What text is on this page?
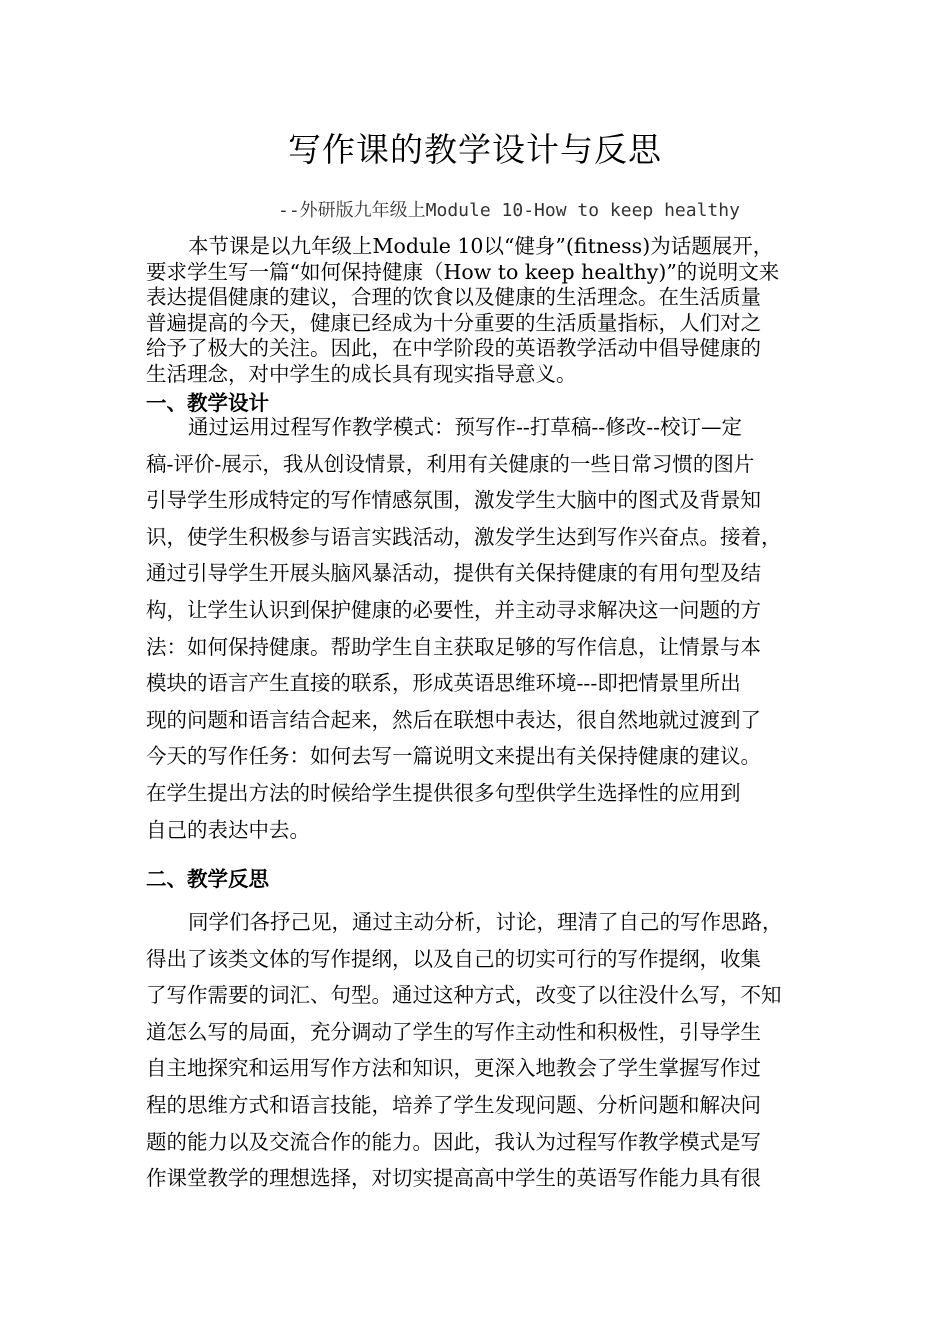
写作课的教学设计与反思
--外研版九年级上Module 10-How to keep healthy
本节课是以九年级上Module 10以“健身”(fitness)为话题展开，
要求学生写一篇“如何保持健康（How to keep healthy)”的说明文来
表达提倡健康的建议，合理的饮食以及健康的生活理念。在生活质量
普遍提高的今天，健康已经成为十分重要的生活质量指标，人们对之
给予了极大的关注。因此，在中学阶段的英语教学活动中倡导健康的
生活理念，对中学生的成长具有现实指导意义。
一、教学设计
通过运用过程写作教学模式：预写作--打草稿--修改--校订—定
稿-评价-展示，我从创设情景，利用有关健康的一些日常习惯的图片
引导学生形成特定的写作情感氛围，激发学生大脑中的图式及背景知
识，使学生积极参与语言实践活动，激发学生达到写作兴奋点。接着，
通过引导学生开展头脑风暴活动，提供有关保持健康的有用句型及结
构，让学生认识到保护健康的必要性，并主动寻求解决这一问题的方
法：如何保持健康。帮助学生自主获取足够的写作信息，让情景与本
模块的语言产生直接的联系，形成英语思维环境---即把情景里所出
现的问题和语言结合起来，然后在联想中表达，很自然地就过渡到了
今天的写作任务：如何去写一篇说明文来提出有关保持健康的建议。
在学生提出方法的时候给学生提供很多句型供学生选择性的应用到
自己的表达中去。
二、教学反思
同学们各抒己见，通过主动分析，讨论，理清了自己的写作思路，
得出了该类文体的写作提纲，以及自己的切实可行的写作提纲，收集
了写作需要的词汇、句型。通过这种方式，改变了以往没什么写，不知
道怎么写的局面，充分调动了学生的写作主动性和积极性，引导学生
自主地探究和运用写作方法和知识，更深入地教会了学生掌握写作过
程的思维方式和语言技能，培养了学生发现问题、分析问题和解决问
题的能力以及交流合作的能力。因此，我认为过程写作教学模式是写
作课堂教学的理想选择，对切实提高高中学生的英语写作能力具有很
